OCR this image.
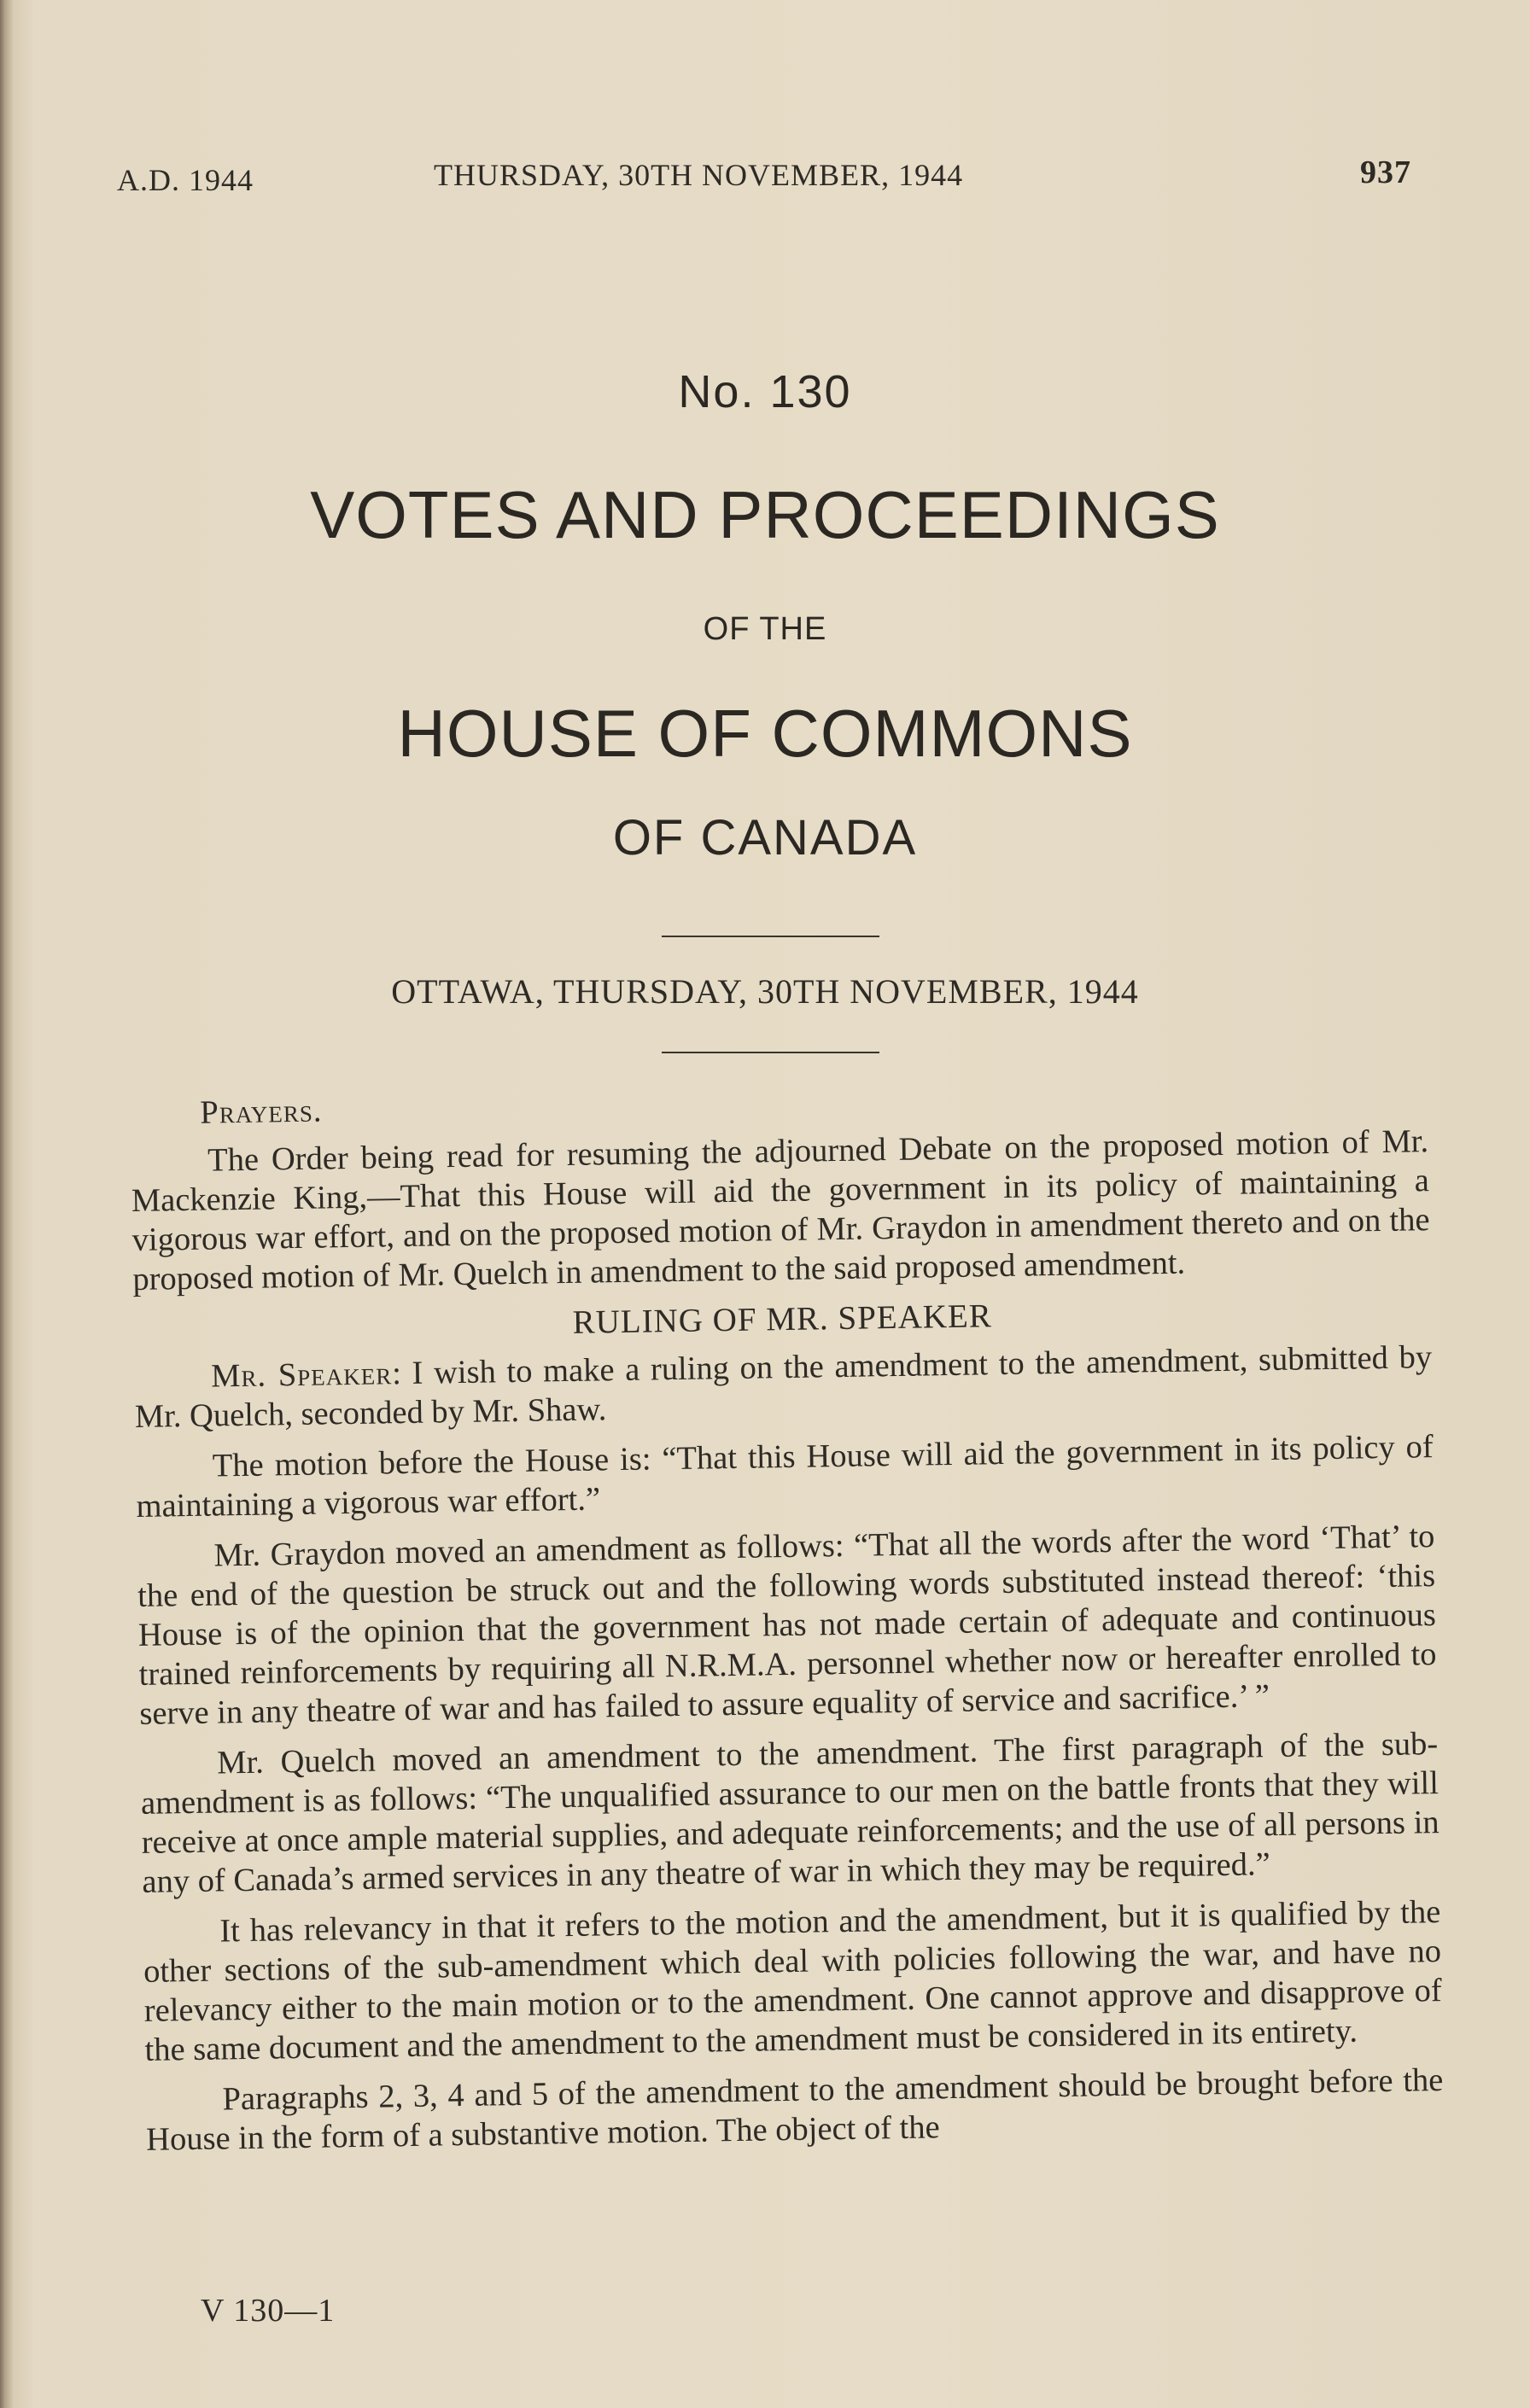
A.D. 1944	THURSDAY, 30TH NOVEMBER, 1944	937
No. 130
VOTES AND PROCEEDINGS
OF THE
HOUSE OF COMMONS
OF CANADA
OTTAWA, THURSDAY, 30TH NOVEMBER, 1944

Prayers.

The Order being read for resuming the adjourned Debate on the proposed motion of Mr. Mackenzie King,—That this House will aid the government in its policy of maintaining a vigorous war effort, and on the proposed motion of Mr. Graydon in amendment thereto and on the proposed motion of Mr. Quelch in amendment to the said proposed amendment.

RULING OF MR. SPEAKER

Mr. Speaker: I wish to make a ruling on the amendment to the amendment, submitted by Mr. Quelch, seconded by Mr. Shaw.

The motion before the House is: “That this House will aid the government in its policy of maintaining a vigorous war effort.”

Mr. Graydon moved an amendment as follows: “That all the words after the word ‘That’ to the end of the question be struck out and the following words substituted instead thereof: ‘this House is of the opinion that the government has not made certain of adequate and continuous trained reinforcements by requiring all N.R.M.A. personnel whether now or hereafter enrolled to serve in any theatre of war and has failed to assure equality of service and sacrifice.’ ”

Mr. Quelch moved an amendment to the amendment. The first paragraph of the sub-amendment is as follows: “The unqualified assurance to our men on the battle fronts that they will receive at once ample material supplies, and adequate reinforcements; and the use of all persons in any of Canada’s armed services in any theatre of war in which they may be required.”

It has relevancy in that it refers to the motion and the amendment, but it is qualified by the other sections of the sub-amendment which deal with policies following the war, and have no relevancy either to the main motion or to the amendment. One cannot approve and disapprove of the same document and the amendment to the amendment must be considered in its entirety.

Paragraphs 2, 3, 4 and 5 of the amendment to the amendment should be brought before the House in the form of a substantive motion. The object of the

V 130—1
